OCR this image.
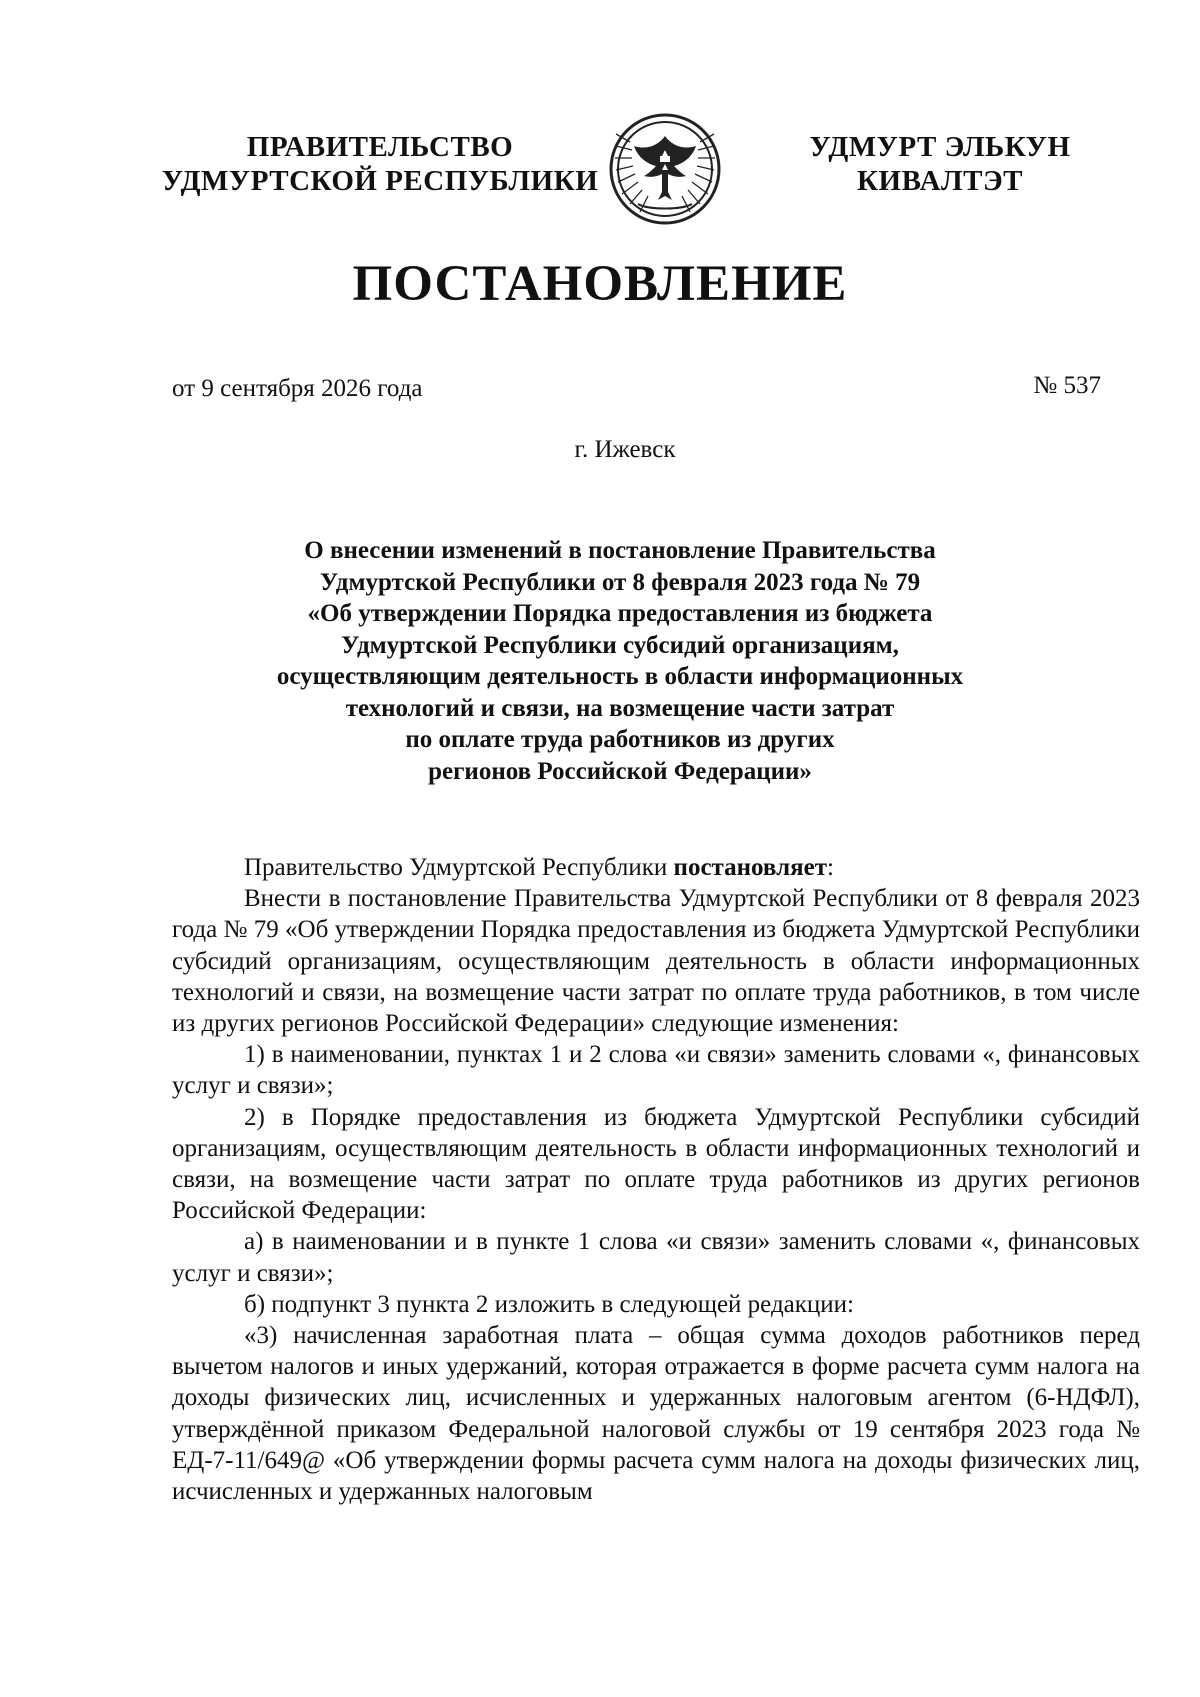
ПРАВИТЕЛЬСТВО
УДМУРТСКОЙ РЕСПУБЛИКИ
УДМУРТ ЭЛЬКУН
КИВАЛТЭТ
ПОСТАНОВЛЕНИЕ
от 9 сентября 2026 года	№ 537
г. Ижевск
О внесении изменений в постановление Правительства
Удмуртской Республики от 8 февраля 2023 года № 79
«Об утверждении Порядка предоставления из бюджета
Удмуртской Республики субсидий организациям,
осуществляющим деятельность в области информационных
технологий и связи, на возмещение части затрат
по оплате труда работников из других
регионов Российской Федерации»

Правительство Удмуртской Республики постановляет:

Внести в постановление Правительства Удмуртской Республики от 8 февраля 2023 года № 79 «Об утверждении Порядка предоставления из бюджета Удмуртской Республики субсидий организациям, осуществляющим деятельность в области информационных технологий и связи, на возмещение части затрат по оплате труда работников, в том числе из других регионов Российской Федерации» следующие изменения:

1) в наименовании, пунктах 1 и 2 слова «и связи» заменить словами «, финансовых услуг и связи»;

2) в Порядке предоставления из бюджета Удмуртской Республики субсидий организациям, осуществляющим деятельность в области информационных технологий и связи, на возмещение части затрат по оплате труда работников из других регионов Российской Федерации:

а) в наименовании и в пункте 1 слова «и связи» заменить словами «, финансовых услуг и связи»;

б) подпункт 3 пункта 2 изложить в следующей редакции:

«3) начисленная заработная плата – общая сумма доходов работников перед вычетом налогов и иных удержаний, которая отражается в форме расчета сумм налога на доходы физических лиц, исчисленных и удержанных налоговым агентом (6-НДФЛ), утверждённой приказом Федеральной налоговой службы от 19 сентября 2023 года № ЕД-7-11/649@ «Об утверждении формы расчета сумм налога на доходы физических лиц, исчисленных и удержанных налоговым
